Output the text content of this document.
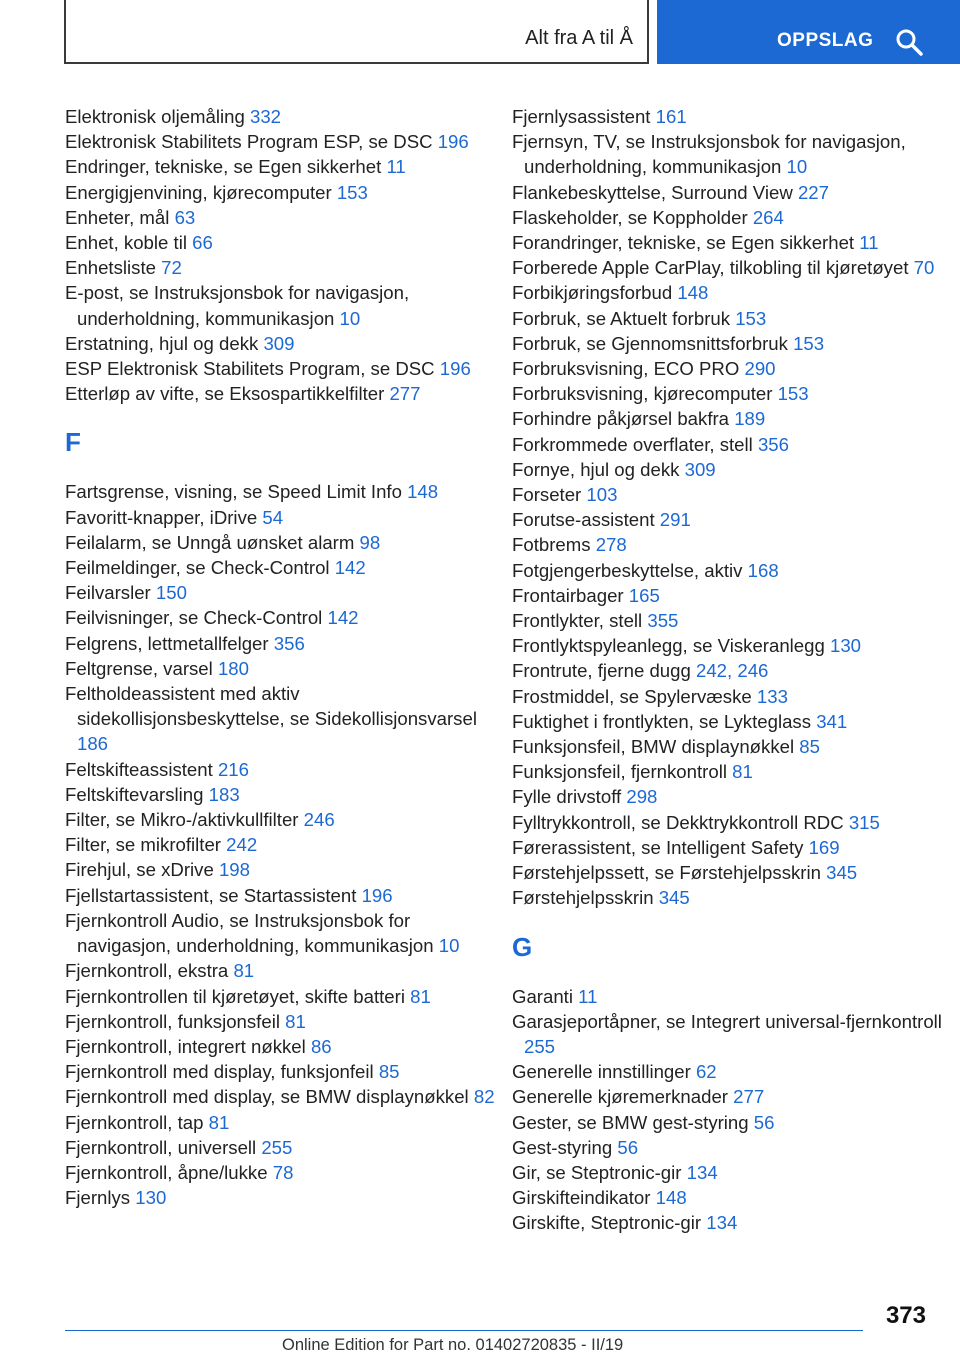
Alt fra A til Å	OPPSLAG
Elektronisk oljemåling 332
Elektronisk Stabilitets Program ESP, se DSC 196
Endringer, tekniske, se Egen sikkerhet 11
Energigjenvining, kjørecomputer 153
Enheter, mål 63
Enhet, koble til 66
Enhetsliste 72
E-post, se Instruksjonsbok for navigasjon, underholdning, kommunikasjon 10
Erstatning, hjul og dekk 309
ESP Elektronisk Stabilitets Program, se DSC 196
Etterløp av vifte, se Eksospartikkelfilter 277
F
Fartsgrense, visning, se Speed Limit Info 148
Favoritt-knapper, iDrive 54
Feilalarm, se Unngå uønsket alarm 98
Feilmeldinger, se Check-Control 142
Feilvarsler 150
Feilvisninger, se Check-Control 142
Felgrens, lettmetallfelger 356
Feltgrense, varsel 180
Feltholdeassistent med aktiv sidekollisjonsbeskyttelse, se Sidekollisjonsvarsel 186
Feltskifteassistent 216
Feltskiftevarsling 183
Filter, se Mikro-/aktivkullfilter 246
Filter, se mikrofilter 242
Firehjul, se xDrive 198
Fjellstartassistent, se Startassistent 196
Fjernkontroll Audio, se Instruksjonsbok for navigasjon, underholdning, kommunikasjon 10
Fjernkontroll, ekstra 81
Fjernkontrollen til kjøretøyet, skifte batteri 81
Fjernkontroll, funksjonsfeil 81
Fjernkontroll, integrert nøkkel 86
Fjernkontroll med display, funksjonfeil 85
Fjernkontroll med display, se BMW displaynøkkel 82
Fjernkontroll, tap 81
Fjernkontroll, universell 255
Fjernkontroll, åpne/lukke 78
Fjernlys 130
Fjernlysassistent 161
Fjernsyn, TV, se Instruksjonsbok for navigasjon, underholdning, kommunikasjon 10
Flankebeskyttelse, Surround View 227
Flaskeholder, se Koppholder 264
Forandringer, tekniske, se Egen sikkerhet 11
Forberede Apple CarPlay, tilkobling til kjøretøyet 70
Forbikjøringsforbud 148
Forbruk, se Aktuelt forbruk 153
Forbruk, se Gjennomsnittsforbruk 153
Forbruksvisning, ECO PRO 290
Forbruksvisning, kjørecomputer 153
Forhindre påkjørsel bakfra 189
Forkrommede overflater, stell 356
Fornye, hjul og dekk 309
Forseter 103
Forutse-assistent 291
Fotbrems 278
Fotgjengerbeskyttelse, aktiv 168
Frontairbager 165
Frontlykter, stell 355
Frontlyktspyleanlegg, se Viskeranlegg 130
Frontrute, fjerne dugg 242, 246
Frostmiddel, se Spylervæske 133
Fuktighet i frontlykten, se Lykteglass 341
Funksjonsfeil, BMW displaynøkkel 85
Funksjonsfeil, fjernkontroll 81
Fylle drivstoff 298
Fylltrykkontroll, se Dekktrykkontroll RDC 315
Førerassistent, se Intelligent Safety 169
Førstehjelpssett, se Førstehjelpsskrin 345
Førstehjelpsskrin 345
G
Garanti 11
Garasjeportåpner, se Integrert universal-fjernkontroll 255
Generelle innstillinger 62
Generelle kjøremerknader 277
Gester, se BMW gest-styring 56
Gest-styring 56
Gir, se Steptronic-gir 134
Girskifteindikator 148
Girskifte, Steptronic-gir 134
373
Online Edition for Part no. 01402720835 - II/19
